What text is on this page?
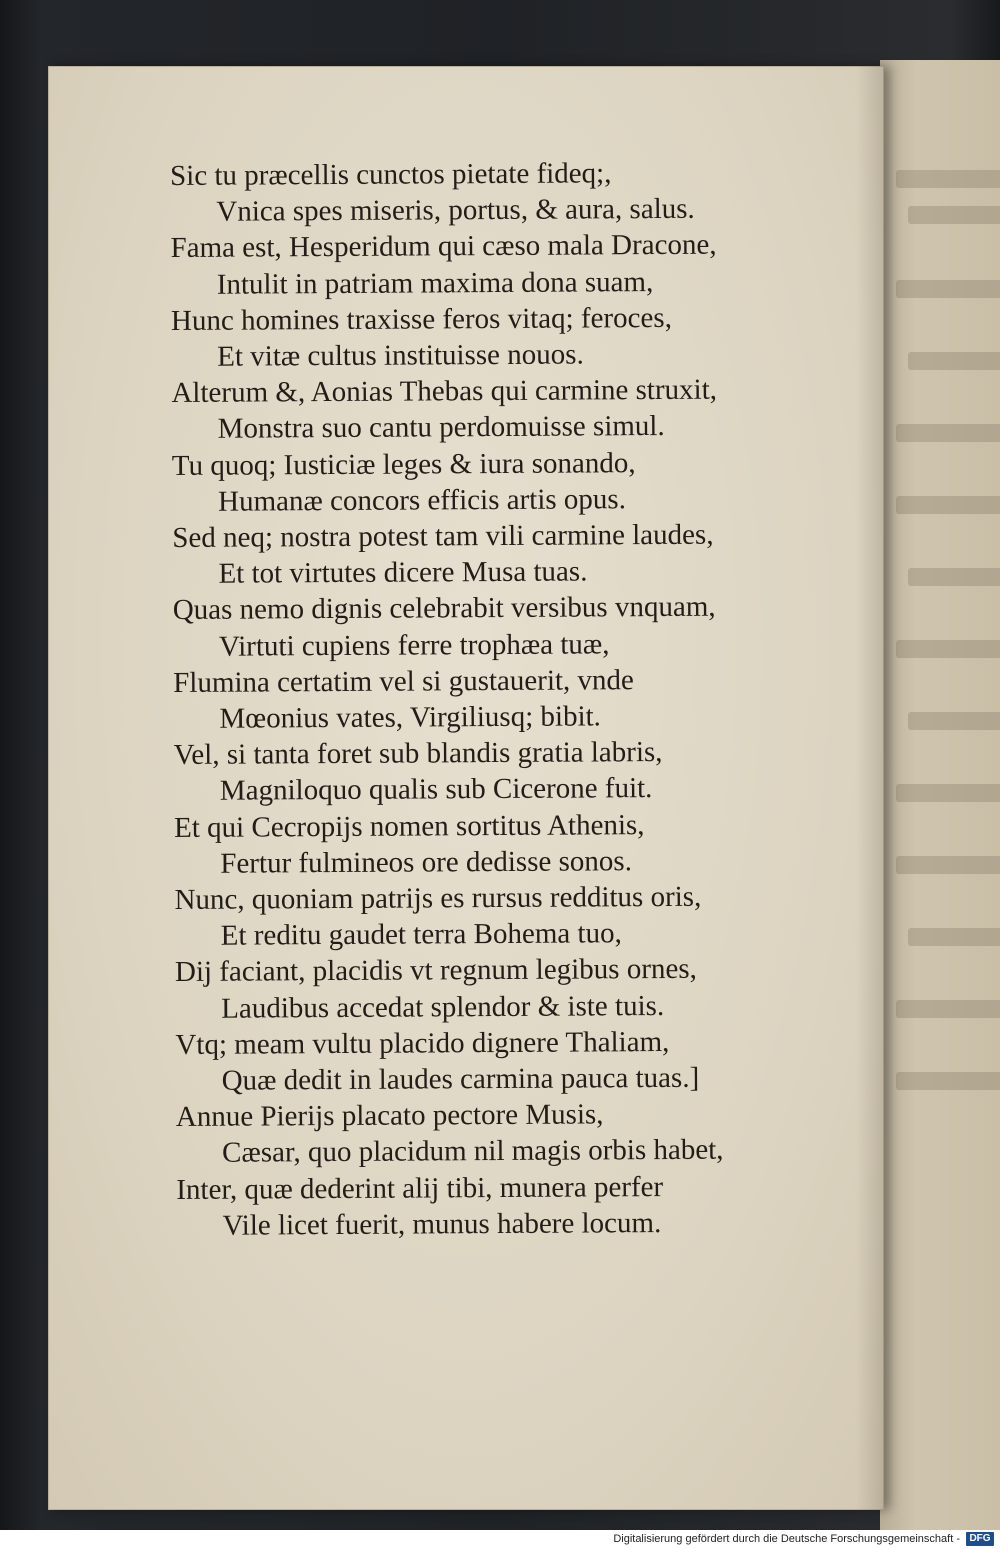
Sic tu præcellis cunctos pietate fideq;,
Vnica spes miseris, portus, & aura, salus.
Fama est, Hesperidum qui cæso mala Dracone,
Intulit in patriam maxima dona suam,
Hunc homines traxisse feros vitaq; feroces,
Et vitæ cultus instituisse nouos.
Alterum &, Aonias Thebas qui carmine struxit,
Monstra suo cantu perdomuisse simul.
Tu quoq; Iusticiæ leges & iura sonando,
Humanæ concors efficis artis opus.
Sed neq; nostra potest tam vili carmine laudes,
Et tot virtutes dicere Musa tuas.
Quas nemo dignis celebrabit versibus vnquam,
Virtuti cupiens ferre trophæa tuæ,
Flumina certatim vel si gustauerit, vnde
Mœonius vates, Virgiliusq; bibit.
Vel, si tanta foret sub blandis gratia labris,
Magniloquo qualis sub Cicerone fuit.
Et qui Cecropijs nomen sortitus Athenis,
Fertur fulmineos ore dedisse sonos.
Nunc, quoniam patrijs es rursus redditus oris,
Et reditu gaudet terra Bohema tuo,
Dij faciant, placidis vt regnum legibus ornes,
Laudibus accedat splendor & iste tuis.
Vtq; meam vultu placido dignere Thaliam,
Quæ dedit in laudes carmina pauca tuas.]
Annue Pierijs placato pectore Musis,
Cæsar, quo placidum nil magis orbis habet,
Inter, quæ dederint alij tibi, munera perfer
Vile licet fuerit, munus habere locum.
Digitalisierung gefördert durch die Deutsche Forschungsgemeinschaft - DFG
